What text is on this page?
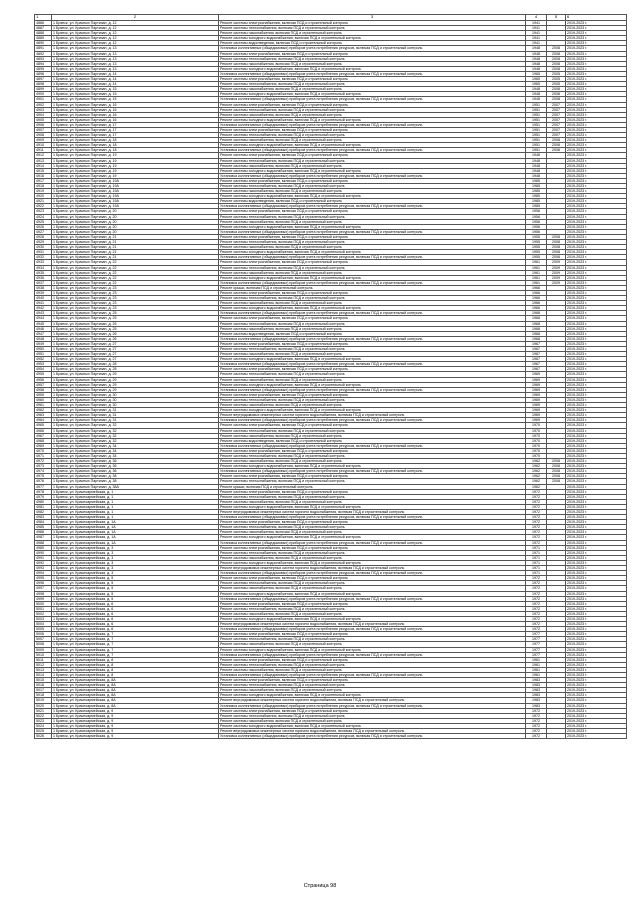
1	2	3	4	5	6
4886	1 Брянск, ул. Красных Партизан, д. 12	Ремонт системы электроснабжения, включая ПСД и строительный контроль	1941		2019-2023 г.
4887	1 Брянск, ул. Красных Партизан, д. 12	Ремонт системы теплоснабжения, включая ПСД и строительный контроль	1941		2019-2023 г.
4888	1 Брянск, ул. Красных Партизан, д. 12	Ремонт системы газоснабжения, включая ПСД и строительный контроль	1941		2019-2023 г.
4889	1 Брянск, ул. Красных Партизан, д. 12	Ремонт системы холодного водоснабжения, включая ПСД и строительный контроль	1941		2019-2023 г.
4890	1 Брянск, ул. Красных Партизан, д. 12	Ремонт системы водоотведения, включая ПСД и строительный контроль	1941		2019-2023 г.
4891	1 Брянск, ул. Красных Партизан, д. 13	Установка коллективных (общедомовых) приборов учета потребления ресурсов, включая ПСД и строительный контроль	1948	2008	2019-2023 г.
4892	1 Брянск, ул. Красных Партизан, д. 13	Ремонт системы электроснабжения, включая ПСД и строительный контроль	1948	2008	2019-2023 г.
4893	1 Брянск, ул. Красных Партизан, д. 13	Ремонт системы теплоснабжения, включая ПСД и строительный контроль	1948	2008	2019-2023 г.
4894	1 Брянск, ул. Красных Партизан, д. 13	Ремонт системы газоснабжения, включая ПСД и строительный контроль	1948	2008	2019-2023 г.
4895	1 Брянск, ул. Красных Партизан, д. 13	Ремонт системы холодного водоснабжения, включая ПСД и строительный контроль	1948	2008	2019-2023 г.
4896	1 Брянск, ул. Красных Партизан, д. 14	Установка коллективных (общедомовых) приборов учета потребления ресурсов, включая ПСД и строительный контроль	1965	2005	2019-2023 г.
4897	1 Брянск, ул. Красных Партизан, д. 14	Ремонт системы электроснабжения, включая ПСД и строительный контроль	1965	2005	2019-2023 г.
4898	1 Брянск, ул. Красных Партизан, д. 14	Ремонт системы теплоснабжения, включая ПСД и строительный контроль	1965	2005	2019-2023 г.
4899	1 Брянск, ул. Красных Партизан, д. 15	Ремонт системы газоснабжения, включая ПСД и строительный контроль	1948	2008	2019-2023 г.
4900	1 Брянск, ул. Красных Партизан, д. 15	Ремонт системы холодного водоснабжения, включая ПСД и строительный контроль	1948	2008	2019-2023 г.
4901	1 Брянск, ул. Красных Партизан, д. 15	Установка коллективных (общедомовых) приборов учета потребления ресурсов, включая ПСД и строительный контроль	1948	2008	2019-2023 г.
4902	1 Брянск, ул. Красных Партизан, д. 16	Ремонт системы электроснабжения, включая ПСД и строительный контроль	1951	2007	2019-2023 г.
4903	1 Брянск, ул. Красных Партизан, д. 16	Ремонт системы теплоснабжения, включая ПСД и строительный контроль	1951	2007	2019-2023 г.
4904	1 Брянск, ул. Красных Партизан, д. 16	Ремонт системы газоснабжения, включая ПСД и строительный контроль	1951	2007	2019-2023 г.
4905	1 Брянск, ул. Красных Партизан, д. 16	Ремонт системы холодного водоснабжения, включая ПСД и строительный контроль	1951	2007	2019-2023 г.
4906	1 Брянск, ул. Красных Партизан, д. 17	Установка коллективных (общедомовых) приборов учета потребления ресурсов, включая ПСД и строительный контроль	1951	2007	2019-2023 г.
4907	1 Брянск, ул. Красных Партизан, д. 17	Ремонт системы электроснабжения, включая ПСД и строительный контроль	1951	2007	2019-2023 г.
4908	1 Брянск, ул. Красных Партизан, д. 17	Ремонт системы теплоснабжения, включая ПСД и строительный контроль	1951	2007	2019-2023 г.
4909	1 Брянск, ул. Красных Партизан, д. 18	Ремонт системы газоснабжения, включая ПСД и строительный контроль	1951	2008	2019-2023 г.
4910	1 Брянск, ул. Красных Партизан, д. 18	Ремонт системы холодного водоснабжения, включая ПСД и строительный контроль	1951	2008	2019-2023 г.
4911	1 Брянск, ул. Красных Партизан, д. 18	Установка коллективных (общедомовых) приборов учета потребления ресурсов, включая ПСД и строительный контроль	1951	2008	2019-2023 г.
4912	1 Брянск, ул. Красных Партизан, д. 19	Ремонт системы электроснабжения, включая ПСД и строительный контроль	1948		2019-2023 г.
4913	1 Брянск, ул. Красных Партизан, д. 19	Ремонт системы теплоснабжения, включая ПСД и строительный контроль	1948		2019-2023 г.
4914	1 Брянск, ул. Красных Партизан, д. 19	Ремонт системы газоснабжения, включая ПСД и строительный контроль	1948		2019-2023 г.
4915	1 Брянск, ул. Красных Партизан, д. 19	Ремонт системы холодного водоснабжения, включая ПСД и строительный контроль	1948		2019-2023 г.
4916	1 Брянск, ул. Красных Партизан, д. 19	Установка коллективных (общедомовых) приборов учета потребления ресурсов, включая ПСД и строительный контроль	1948		2019-2023 г.
4917	1 Брянск, ул. Красных Партизан, д. 19А	Ремонт системы электроснабжения, включая ПСД и строительный контроль	1985		2019-2023 г.
4918	1 Брянск, ул. Красных Партизан, д. 19А	Ремонт системы теплоснабжения, включая ПСД и строительный контроль	1985		2019-2023 г.
4919	1 Брянск, ул. Красных Партизан, д. 19А	Ремонт системы газоснабжения, включая ПСД и строительный контроль	1985		2019-2023 г.
4920	1 Брянск, ул. Красных Партизан, д. 19А	Ремонт системы холодного водоснабжения, включая ПСД и строительный контроль	1985		2019-2023 г.
4921	1 Брянск, ул. Красных Партизан, д. 19А	Ремонт системы водоотведения, включая ПСД и строительный контроль	1985		2019-2023 г.
4922	1 Брянск, ул. Красных Партизан, д. 19А	Установка коллективных (общедомовых) приборов учета потребления ресурсов, включая ПСД и строительный контроль	1985		2019-2023 г.
4923	1 Брянск, ул. Красных Партизан, д. 20	Ремонт системы электроснабжения, включая ПСД и строительный контроль	1956		2019-2023 г.
4924	1 Брянск, ул. Красных Партизан, д. 20	Ремонт системы теплоснабжения, включая ПСД и строительный контроль	1956		2019-2023 г.
4925	1 Брянск, ул. Красных Партизан, д. 20	Ремонт системы газоснабжения, включая ПСД и строительный контроль	1956		2019-2023 г.
4926	1 Брянск, ул. Красных Партизан, д. 20	Ремонт системы холодного водоснабжения, включая ПСД и строительный контроль	1956		2019-2023 г.
4927	1 Брянск, ул. Красных Партизан, д. 20	Установка коллективных (общедомовых) приборов учета потребления ресурсов, включая ПСД и строительный контроль	1956		2019-2023 г.
4928	1 Брянск, ул. Красных Партизан, д. 21	Ремонт системы электроснабжения, включая ПСД и строительный контроль	1955	2008	2019-2023 г.
4929	1 Брянск, ул. Красных Партизан, д. 21	Ремонт системы теплоснабжения, включая ПСД и строительный контроль	1955	2008	2019-2023 г.
4930	1 Брянск, ул. Красных Партизан, д. 21	Ремонт системы газоснабжения, включая ПСД и строительный контроль	1955	2008	2019-2023 г.
4931	1 Брянск, ул. Красных Партизан, д. 21	Ремонт системы холодного водоснабжения, включая ПСД и строительный контроль	1955	2008	2019-2023 г.
4932	1 Брянск, ул. Красных Партизан, д. 21	Установка коллективных (общедомовых) приборов учета потребления ресурсов, включая ПСД и строительный контроль	1955	2008	2019-2023 г.
4933	1 Брянск, ул. Красных Партизан, д. 22	Ремонт системы электроснабжения, включая ПСД и строительный контроль	1961	2009	2019-2023 г.
4934	1 Брянск, ул. Красных Партизан, д. 22	Ремонт системы теплоснабжения, включая ПСД и строительный контроль	1961	2009	2019-2023 г.
4935	1 Брянск, ул. Красных Партизан, д. 22	Ремонт системы газоснабжения, включая ПСД и строительный контроль	1961	2009	2019-2023 г.
4936	1 Брянск, ул. Красных Партизан, д. 22	Ремонт системы холодного водоснабжения, включая ПСД и строительный контроль	1961	2009	2019-2023 г.
4937	1 Брянск, ул. Красных Партизан, д. 22	Установка коллективных (общедомовых) приборов учета потребления ресурсов, включая ПСД и строительный контроль	1961	2009	2019-2023 г.
4938	1 Брянск, ул. Красных Партизан, д. 23	Ремонт крыши, включая ПСД и строительный контроль	1966		2019-2023 г.
4939	1 Брянск, ул. Красных Партизан, д. 23	Ремонт системы электроснабжения, включая ПСД и строительный контроль	1966		2019-2023 г.
4940	1 Брянск, ул. Красных Партизан, д. 23	Ремонт системы теплоснабжения, включая ПСД и строительный контроль	1966		2019-2023 г.
4941	1 Брянск, ул. Красных Партизан, д. 23	Ремонт системы газоснабжения, включая ПСД и строительный контроль	1966		2019-2023 г.
4942	1 Брянск, ул. Красных Партизан, д. 23	Ремонт системы холодного водоснабжения, включая ПСД и строительный контроль	1966		2019-2023 г.
4943	1 Брянск, ул. Красных Партизан, д. 25	Установка коллективных (общедомовых) приборов учета потребления ресурсов, включая ПСД и строительный контроль	1968		2019-2023 г.
4944	1 Брянск, ул. Красных Партизан, д. 25	Ремонт системы электроснабжения, включая ПСД и строительный контроль	1968		2019-2023 г.
4945	1 Брянск, ул. Красных Партизан, д. 25	Ремонт системы теплоснабжения, включая ПСД и строительный контроль	1968		2019-2023 г.
4946	1 Брянск, ул. Красных Партизан, д. 25	Ремонт системы газоснабжения, включая ПСД и строительный контроль	1968		2019-2023 г.
4947	1 Брянск, ул. Красных Партизан, д. 26	Ремонт системы водоотведения, включая ПСД и строительный контроль	1968		2019-2023 г.
4948	1 Брянск, ул. Красных Партизан, д. 26	Установка коллективных (общедомовых) приборов учета потребления ресурсов, включая ПСД и строительный контроль	1968		2019-2023 г.
4949	1 Брянск, ул. Красных Партизан, д. 27	Ремонт системы электроснабжения, включая ПСД и строительный контроль	1967		2019-2023 г.
4950	1 Брянск, ул. Красных Партизан, д. 27	Ремонт системы теплоснабжения, включая ПСД и строительный контроль	1967		2019-2023 г.
4951	1 Брянск, ул. Красных Партизан, д. 27	Ремонт системы газоснабжения, включая ПСД и строительный контроль	1967		2019-2023 г.
4952	1 Брянск, ул. Красных Партизан, д. 27	Ремонт системы холодного водоснабжения, включая ПСД и строительный контроль	1967		2019-2023 г.
4953	1 Брянск, ул. Красных Партизан, д. 28	Установка коллективных (общедомовых) приборов учета потребления ресурсов, включая ПСД и строительный контроль	1967		2019-2023 г.
4954	1 Брянск, ул. Красных Партизан, д. 28	Ремонт системы электроснабжения, включая ПСД и строительный контроль	1967		2019-2023 г.
4955	1 Брянск, ул. Красных Партизан, д. 29	Ремонт системы теплоснабжения, включая ПСД и строительный контроль	1969		2019-2023 г.
4956	1 Брянск, ул. Красных Партизан, д. 29	Ремонт системы газоснабжения, включая ПСД и строительный контроль	1969		2019-2023 г.
4957	1 Брянск, ул. Красных Партизан, д. 29	Ремонт системы холодного водоснабжения, включая ПСД и строительный контроль	1969		2019-2023 г.
4958	1 Брянск, ул. Красных Партизан, д. 29	Установка коллективных (общедомовых) приборов учета потребления ресурсов, включая ПСД и строительный контроль	1969		2019-2023 г.
4959	1 Брянск, ул. Красных Партизан, д. 30	Ремонт системы электроснабжения, включая ПСД и строительный контроль	1969		2019-2023 г.
4960	1 Брянск, ул. Красных Партизан, д. 30	Ремонт системы теплоснабжения, включая ПСД и строительный контроль	1969		2019-2023 г.
4961	1 Брянск, ул. Красных Партизан, д. 30	Ремонт системы газоснабжения, включая ПСД и строительный контроль	1969		2019-2023 г.
4962	1 Брянск, ул. Красных Партизан, д. 31	Ремонт системы холодного водоснабжения, включая ПСД и строительный контроль	1969		2019-2023 г.
4963	1 Брянск, ул. Красных Партизан, д. 31	Ремонт внутридомовых инженерных систем горячего водоснабжения, включая ПСД и строительный контроль	1969		2019-2023 г.
4964	1 Брянск, ул. Красных Партизан, д. 31	Установка коллективных (общедомовых) приборов учета потребления ресурсов, включая ПСД и строительный контроль	1969		2019-2023 г.
4965	1 Брянск, ул. Красных Партизан, д. 32	Ремонт системы электроснабжения, включая ПСД и строительный контроль	1970		2019-2023 г.
4966	1 Брянск, ул. Красных Партизан, д. 32	Ремонт системы теплоснабжения, включая ПСД и строительный контроль	1970		2019-2023 г.
4967	1 Брянск, ул. Красных Партизан, д. 32	Ремонт системы газоснабжения, включая ПСД и строительный контроль	1970		2019-2023 г.
4968	1 Брянск, ул. Красных Партизан, д. 32	Ремонт системы водоотведения, включая ПСД и строительный контроль	1970		2019-2023 г.
4969	1 Брянск, ул. Красных Партизан, д. 34	Установка коллективных (общедомовых) приборов учета потребления ресурсов, включая ПСД и строительный контроль	1970		2019-2023 г.
4970	1 Брянск, ул. Красных Партизан, д. 34	Ремонт системы электроснабжения, включая ПСД и строительный контроль	1970		2019-2023 г.
4971	1 Брянск, ул. Красных Партизан, д. 34	Ремонт системы теплоснабжения, включая ПСД и строительный контроль	1970		2019-2023 г.
4972	1 Брянск, ул. Красных Партизан, д. 36	Ремонт системы газоснабжения, включая ПСД и строительный контроль	1962	2008	2019-2023 г.
4973	1 Брянск, ул. Красных Партизан, д. 36	Ремонт системы холодного водоснабжения, включая ПСД и строительный контроль	1962	2008	2019-2023 г.
4974	1 Брянск, ул. Красных Партизан, д. 36	Установка коллективных (общедомовых) приборов учета потребления ресурсов, включая ПСД и строительный контроль	1962	2008	2019-2023 г.
4975	1 Брянск, ул. Красных Партизан, д. 38	Ремонт системы электроснабжения, включая ПСД и строительный контроль	1962	2008	2019-2023 г.
4976	1 Брянск, ул. Красных Партизан, д. 38	Ремонт системы теплоснабжения, включая ПСД и строительный контроль	1962	2008	2019-2023 г.
4977	1 Брянск, ул. Красных Партизан, д. 38А	Ремонт крыши, включая ПСД и строительный контроль	1962		2019-2023 г.
4978	1 Брянск, ул. Красноармейская, д. 1	Ремонт системы электроснабжения, включая ПСД и строительный контроль	1972		2019-2023 г.
4979	1 Брянск, ул. Красноармейская, д. 1	Ремонт системы теплоснабжения, включая ПСД и строительный контроль	1972		2019-2023 г.
4980	1 Брянск, ул. Красноармейская, д. 1	Ремонт системы газоснабжения, включая ПСД и строительный контроль	1972		2019-2023 г.
4981	1 Брянск, ул. Красноармейская, д. 1	Ремонт системы холодного водоснабжения, включая ПСД и строительный контроль	1972		2019-2023 г.
4982	1 Брянск, ул. Красноармейская, д. 1	Ремонт внутридомовых инженерных систем горячего водоснабжения, включая ПСД и строительный контроль	1972		2019-2023 г.
4983	1 Брянск, ул. Красноармейская, д. 1	Установка коллективных (общедомовых) приборов учета потребления ресурсов, включая ПСД и строительный контроль	1972		2019-2023 г.
4984	1 Брянск, ул. Красноармейская, д. 1А	Ремонт системы электроснабжения, включая ПСД и строительный контроль	1972		2019-2023 г.
4985	1 Брянск, ул. Красноармейская, д. 1А	Ремонт системы теплоснабжения, включая ПСД и строительный контроль	1972		2019-2023 г.
4986	1 Брянск, ул. Красноармейская, д. 1А	Ремонт системы газоснабжения, включая ПСД и строительный контроль	1972		2019-2023 г.
4987	1 Брянск, ул. Красноармейская, д. 1А	Ремонт системы холодного водоснабжения, включая ПСД и строительный контроль	1972		2019-2023 г.
4988	1 Брянск, ул. Красноармейская, д. 1А	Установка коллективных (общедомовых) приборов учета потребления ресурсов, включая ПСД и строительный контроль	1972		2019-2023 г.
4989	1 Брянск, ул. Красноармейская, д. 3	Ремонт системы электроснабжения, включая ПСД и строительный контроль	1971		2019-2023 г.
4990	1 Брянск, ул. Красноармейская, д. 3	Ремонт системы теплоснабжения, включая ПСД и строительный контроль	1971		2019-2023 г.
4991	1 Брянск, ул. Красноармейская, д. 3	Ремонт системы газоснабжения, включая ПСД и строительный контроль	1971		2019-2023 г.
4992	1 Брянск, ул. Красноармейская, д. 3	Ремонт системы холодного водоснабжения, включая ПСД и строительный контроль	1971		2019-2023 г.
4993	1 Брянск, ул. Красноармейская, д. 3	Ремонт внутридомовых инженерных систем горячего водоснабжения, включая ПСД и строительный контроль	1971		2019-2023 г.
4994	1 Брянск, ул. Красноармейская, д. 3	Установка коллективных (общедомовых) приборов учета потребления ресурсов, включая ПСД и строительный контроль	1971		2019-2023 г.
4995	1 Брянск, ул. Красноармейская, д. 5	Ремонт системы электроснабжения, включая ПСД и строительный контроль	1972		2019-2023 г.
4996	1 Брянск, ул. Красноармейская, д. 5	Ремонт системы теплоснабжения, включая ПСД и строительный контроль	1972		2019-2023 г.
4997	1 Брянск, ул. Красноармейская, д. 5	Ремонт системы газоснабжения, включая ПСД и строительный контроль	1972		2019-2023 г.
4998	1 Брянск, ул. Красноармейская, д. 5	Ремонт системы холодного водоснабжения, включая ПСД и строительный контроль	1972		2019-2023 г.
4999	1 Брянск, ул. Красноармейская, д. 5	Установка коллективных (общедомовых) приборов учета потребления ресурсов, включая ПСД и строительный контроль	1972		2019-2023 г.
5000	1 Брянск, ул. Красноармейская, д. 6	Ремонт системы электроснабжения, включая ПСД и строительный контроль	1972		2019-2023 г.
5001	1 Брянск, ул. Красноармейская, д. 6	Ремонт системы теплоснабжения, включая ПСД и строительный контроль	1972		2019-2023 г.
5002	1 Брянск, ул. Красноармейская, д. 6	Ремонт системы газоснабжения, включая ПСД и строительный контроль	1972		2019-2023 г.
5003	1 Брянск, ул. Красноармейская, д. 6	Ремонт системы холодного водоснабжения, включая ПСД и строительный контроль	1972		2019-2023 г.
5004	1 Брянск, ул. Красноармейская, д. 6	Ремонт внутридомовых инженерных систем горячего водоснабжения, включая ПСД и строительный контроль	1972		2019-2023 г.
5005	1 Брянск, ул. Красноармейская, д. 6	Установка коллективных (общедомовых) приборов учета потребления ресурсов, включая ПСД и строительный контроль	1972		2019-2023 г.
5006	1 Брянск, ул. Красноармейская, д. 7	Ремонт системы электроснабжения, включая ПСД и строительный контроль	1977		2019-2023 г.
5007	1 Брянск, ул. Красноармейская, д. 7	Ремонт системы теплоснабжения, включая ПСД и строительный контроль	1977		2019-2023 г.
5008	1 Брянск, ул. Красноармейская, д. 7	Ремонт системы газоснабжения, включая ПСД и строительный контроль	1977		2019-2023 г.
5009	1 Брянск, ул. Красноармейская, д. 7	Ремонт системы холодного водоснабжения, включая ПСД и строительный контроль	1977		2019-2023 г.
5010	1 Брянск, ул. Красноармейская, д. 7	Установка коллективных (общедомовых) приборов учета потребления ресурсов, включая ПСД и строительный контроль	1977		2019-2023 г.
5011	1 Брянск, ул. Красноармейская, д. 8	Ремонт системы электроснабжения, включая ПСД и строительный контроль	1961		2019-2023 г.
5012	1 Брянск, ул. Красноармейская, д. 8	Ремонт системы теплоснабжения, включая ПСД и строительный контроль	1961		2019-2023 г.
5013	1 Брянск, ул. Красноармейская, д. 8	Ремонт системы газоснабжения, включая ПСД и строительный контроль	1961		2019-2023 г.
5014	1 Брянск, ул. Красноармейская, д. 8	Установка коллективных (общедомовых) приборов учета потребления ресурсов, включая ПСД и строительный контроль	1961		2019-2023 г.
5015	1 Брянск, ул. Красноармейская, д. 8А	Ремонт системы электроснабжения, включая ПСД и строительный контроль	1983		2019-2023 г.
5016	1 Брянск, ул. Красноармейская, д. 8А	Ремонт системы теплоснабжения, включая ПСД и строительный контроль	1983		2019-2023 г.
5017	1 Брянск, ул. Красноармейская, д. 8А	Ремонт системы газоснабжения, включая ПСД и строительный контроль	1983		2019-2023 г.
5018	1 Брянск, ул. Красноармейская, д. 8А	Ремонт системы холодного водоснабжения, включая ПСД и строительный контроль	1983		2019-2023 г.
5019	1 Брянск, ул. Красноармейская, д. 8А	Ремонт внутридомовых инженерных систем горячего водоснабжения, включая ПСД и строительный контроль	1983		2019-2023 г.
5020	1 Брянск, ул. Красноармейская, д. 8А	Установка коллективных (общедомовых) приборов учета потребления ресурсов, включая ПСД и строительный контроль	1983		2019-2023 г.
5021	1 Брянск, ул. Красноармейская, д. 9	Ремонт системы электроснабжения, включая ПСД и строительный контроль	1972		2019-2023 г.
5022	1 Брянск, ул. Красноармейская, д. 9	Ремонт системы теплоснабжения, включая ПСД и строительный контроль	1972		2019-2023 г.
5023	1 Брянск, ул. Красноармейская, д. 9	Ремонт системы газоснабжения, включая ПСД и строительный контроль	1972		2019-2023 г.
5024	1 Брянск, ул. Красноармейская, д. 9	Ремонт системы холодного водоснабжения, включая ПСД и строительный контроль	1972		2019-2023 г.
5025	1 Брянск, ул. Красноармейская, д. 9	Ремонт внутридомовых инженерных систем горячего водоснабжения, включая ПСД и строительный контроль	1972		2019-2023 г.
5026	1 Брянск, ул. Красноармейская, д. 9	Установка коллективных (общедомовых) приборов учета потребления ресурсов, включая ПСД и строительный контроль	1972		2019-2023 г.
Страница 98
